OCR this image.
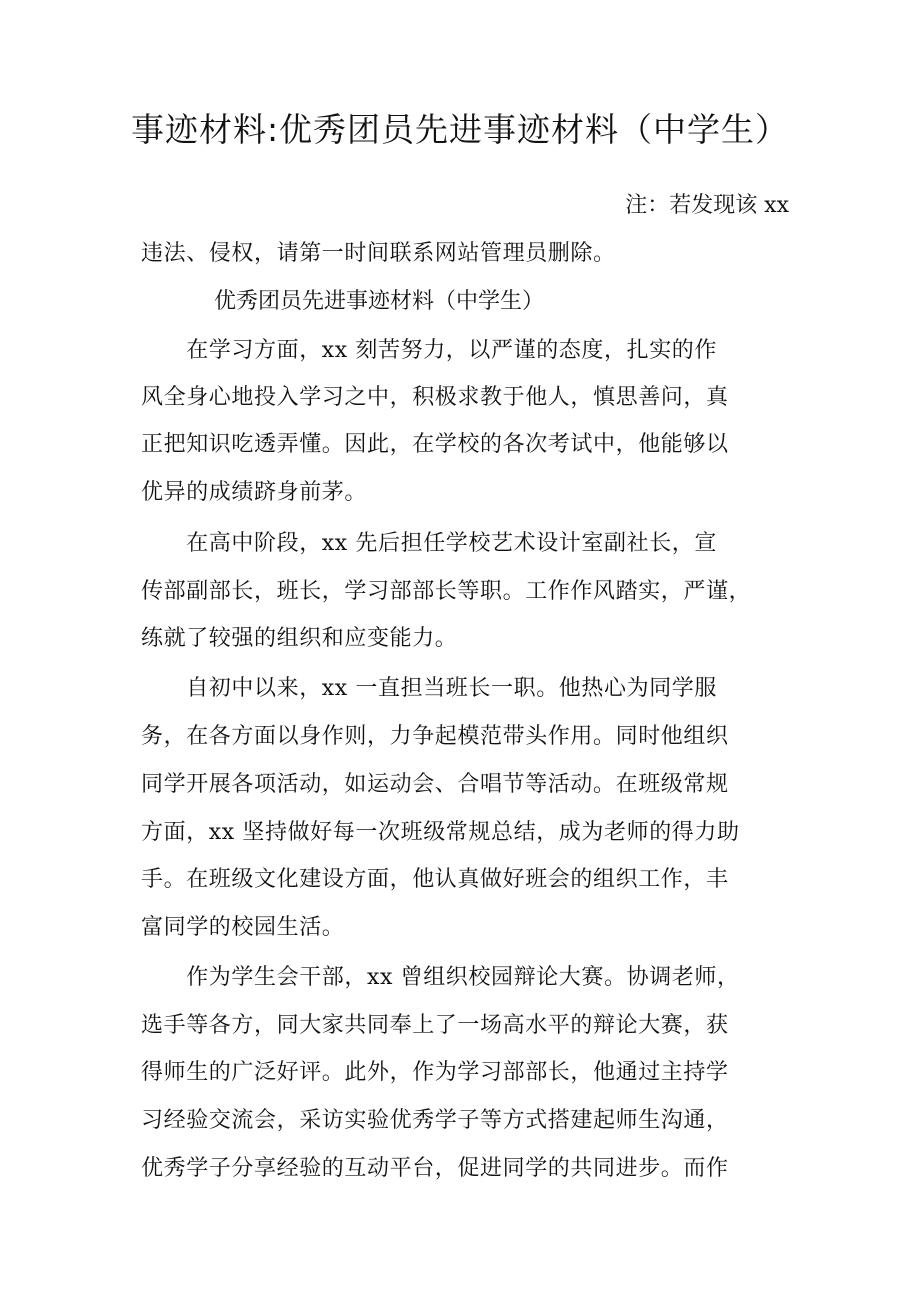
事迹材料:优秀团员先进事迹材料（中学生）
注：若发现该 xx
违法、侵权，请第一时间联系网站管理员删除。
优秀团员先进事迹材料（中学生）
　　在学习方面，xx 刻苦努力，以严谨的态度，扎实的作
风全身心地投入学习之中，积极求教于他人，慎思善问，真
正把知识吃透弄懂。因此，在学校的各次考试中，他能够以
优异的成绩跻身前茅。
　　在高中阶段，xx 先后担任学校艺术设计室副社长，宣
传部副部长，班长，学习部部长等职。工作作风踏实，严谨，
练就了较强的组织和应变能力。
　　自初中以来，xx 一直担当班长一职。他热心为同学服
务，在各方面以身作则，力争起模范带头作用。同时他组织
同学开展各项活动，如运动会、合唱节等活动。在班级常规
方面，xx 坚持做好每一次班级常规总结，成为老师的得力助
手。在班级文化建设方面，他认真做好班会的组织工作，丰
富同学的校园生活。
　　作为学生会干部，xx 曾组织校园辩论大赛。协调老师，
选手等各方，同大家共同奉上了一场高水平的辩论大赛，获
得师生的广泛好评。此外，作为学习部部长，他通过主持学
习经验交流会，采访实验优秀学子等方式搭建起师生沟通，
优秀学子分享经验的互动平台，促进同学的共同进步。而作
